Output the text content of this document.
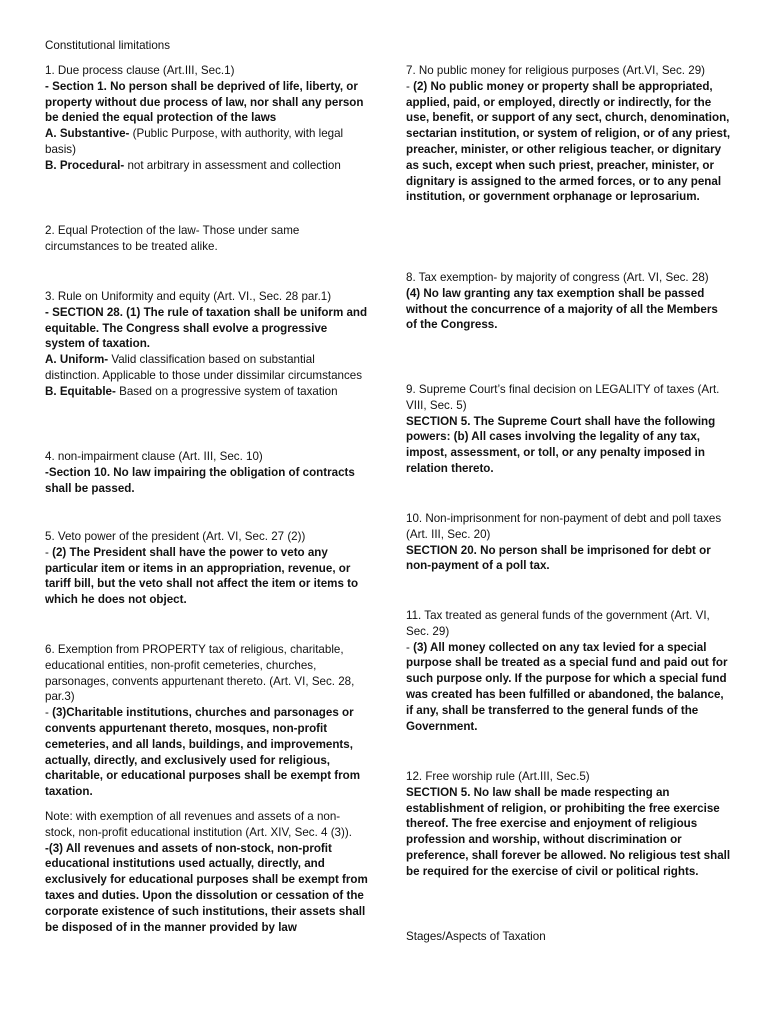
Constitutional limitations

1. Due process clause (Art.III, Sec.1)

- Section 1. No person shall be deprived of life, liberty, or property without due process of law, nor shall any person be denied the equal protection of the laws

A. Substantive- (Public Purpose, with authority, with legal basis)

B. Procedural- not arbitrary in assessment and collection

2. Equal Protection of the law- Those under same circumstances to be treated alike.

3. Rule on Uniformity and equity (Art. VI., Sec. 28 par.1)

- SECTION 28. (1) The rule of taxation shall be uniform and equitable. The Congress shall evolve a progressive system of taxation.

A. Uniform- Valid classification based on substantial distinction. Applicable to those under dissimilar circumstances

B. Equitable- Based on a progressive system of taxation

4. non-impairment clause (Art. III, Sec. 10)

-Section 10. No law impairing the obligation of contracts shall be passed.

5. Veto power of the president (Art. VI, Sec. 27 (2))

- (2) The President shall have the power to veto any particular item or items in an appropriation, revenue, or tariff bill, but the veto shall not affect the item or items to which he does not object.

6. Exemption from PROPERTY tax of religious, charitable, educational entities, non-profit cemeteries, churches, parsonages, convents appurtenant thereto. (Art. VI, Sec. 28, par.3)

- (3)Charitable institutions, churches and parsonages or convents appurtenant thereto, mosques, non-profit cemeteries, and all lands, buildings, and improvements, actually, directly, and exclusively used for religious, charitable, or educational purposes shall be exempt from taxation.

Note: with exemption of all revenues and assets of a non-stock, non-profit educational institution (Art. XIV, Sec. 4 (3)).

-(3) All revenues and assets of non-stock, non-profit educational institutions used actually, directly, and exclusively for educational purposes shall be exempt from taxes and duties. Upon the dissolution or cessation of the corporate existence of such institutions, their assets shall be disposed of in the manner provided by law

7. No public money for religious purposes (Art.VI, Sec. 29)

- (2) No public money or property shall be appropriated, applied, paid, or employed, directly or indirectly, for the use, benefit, or support of any sect, church, denomination, sectarian institution, or system of religion, or of any priest, preacher, minister, or other religious teacher, or dignitary as such, except when such priest, preacher, minister, or dignitary is assigned to the armed forces, or to any penal institution, or government orphanage or leprosarium.

8. Tax exemption- by majority of congress (Art. VI, Sec. 28)

(4) No law granting any tax exemption shall be passed without the concurrence of a majority of all the Members of the Congress.

9. Supreme Court’s final decision on LEGALITY of taxes (Art. VIII, Sec. 5)

SECTION 5. The Supreme Court shall have the following powers: (b) All cases involving the legality of any tax, impost, assessment, or toll, or any penalty imposed in relation thereto.

10. Non-imprisonment for non-payment of debt and poll taxes (Art. III, Sec. 20)

SECTION 20. No person shall be imprisoned for debt or non-payment of a poll tax.

11. Tax treated as general funds of the government (Art. VI, Sec. 29)

- (3) All money collected on any tax levied for a special purpose shall be treated as a special fund and paid out for such purpose only. If the purpose for which a special fund was created has been fulfilled or abandoned, the balance, if any, shall be transferred to the general funds of the Government.

12. Free worship rule (Art.III, Sec.5)

SECTION 5. No law shall be made respecting an establishment of religion, or prohibiting the free exercise thereof. The free exercise and enjoyment of religious profession and worship, without discrimination or preference, shall forever be allowed. No religious test shall be required for the exercise of civil or political rights.

Stages/Aspects of Taxation
